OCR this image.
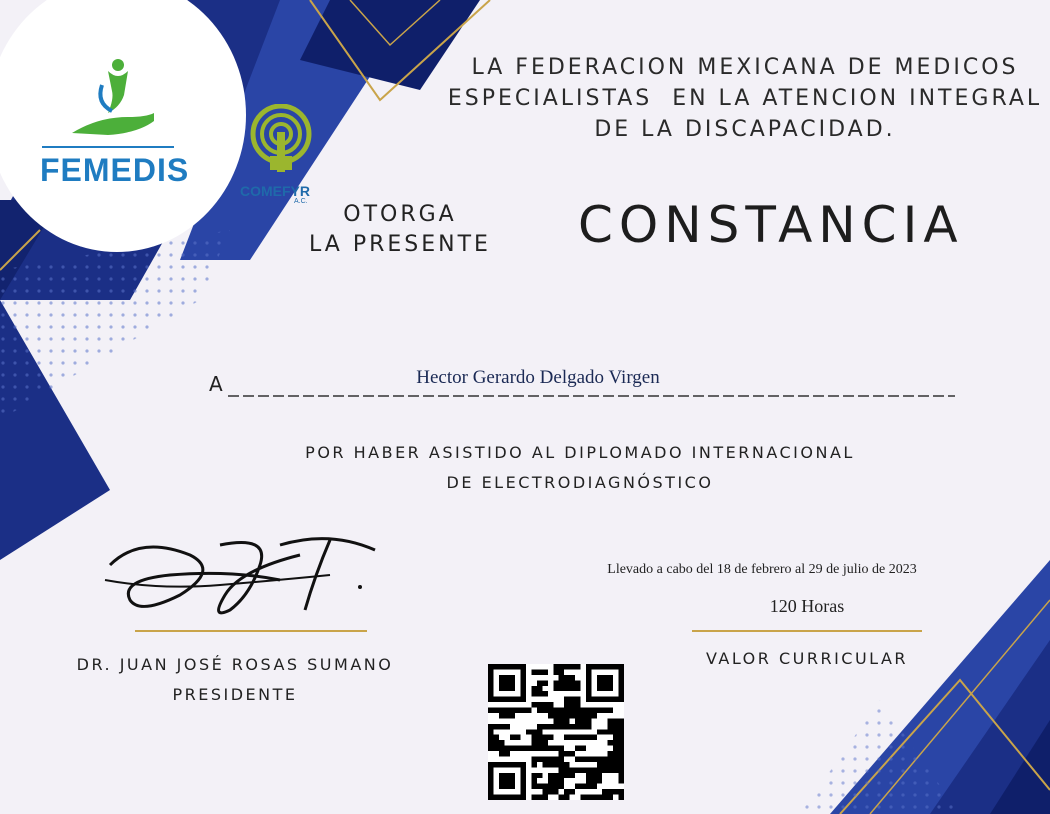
FEMEDIS
COMEFYR
A.C.
LA FEDERACION MEXICANA DE MEDICOS
ESPECIALISTAS  EN LA ATENCION INTEGRAL
DE LA DISCAPACIDAD.
OTORGA
LA PRESENTE CONSTANCIA
A	Hector Gerardo Delgado Virgen
POR HABER ASISTIDO AL DIPLOMADO INTERNACIONAL
DE ELECTRODIAGNÓSTICO
DR. JUAN JOSÉ ROSAS SUMANO
PRESIDENTE
Llevado a cabo del 18 de febrero al 29 de julio de 2023
120 Horas
VALOR CURRICULAR
